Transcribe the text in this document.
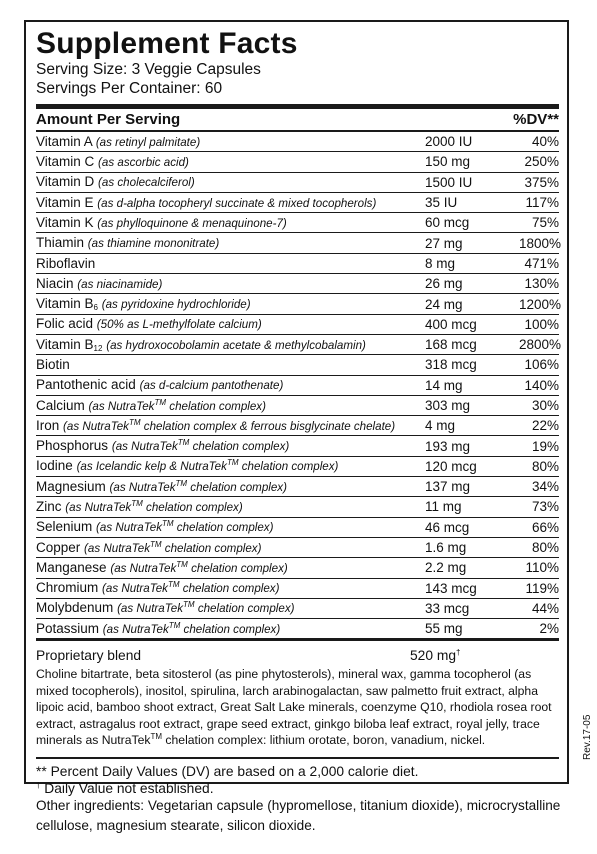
Supplement Facts
Serving Size: 3 Veggie Capsules
Servings Per Container: 60
Amount Per Serving	%DV**
Vitamin A (as retinyl palmitate)	2000 IU	40%
Vitamin C (as ascorbic acid)	150 mg	250%
Vitamin D (as cholecalciferol)	1500 IU	375%
Vitamin E (as d-alpha tocopheryl succinate & mixed tocopherols)	35 IU	117%
Vitamin K (as phylloquinone & menaquinone-7)	60 mcg	75%
Thiamin (as thiamine mononitrate)	27 mg	1800%
Riboflavin	8 mg	471%
Niacin (as niacinamide)	26 mg	130%
Vitamin $B_6$ (as pyridoxine hydrochloride)	24 mg	1200%
Folic acid (50% as L-methylfolate calcium)	400 mcg	100%
Vitamin $B_{12}$ (as hydroxocobolamin acetate & methylcobalamin)	168 mcg	2800%
Biotin	318 mcg	106%
Pantothenic acid (as d-calcium pantothenate)	14 mg	140%
Calcium (as NutraTek™ chelation complex)	303 mg	30%
Iron (as NutraTek™ chelation complex & ferrous bisglycinate chelate)	4 mg	22%
Phosphorus (as NutraTek™ chelation complex)	193 mg	19%
Iodine (as Icelandic kelp & NutraTek™ chelation complex)	120 mcg	80%
Magnesium (as NutraTek™ chelation complex)	137 mg	34%
Zinc (as NutraTek™ chelation complex)	11 mg	73%
Selenium (as NutraTek™ chelation complex)	46 mcg	66%
Copper (as NutraTek™ chelation complex)	1.6 mg	80%
Manganese (as NutraTek™ chelation complex)	2.2 mg	110%
Chromium (as NutraTek™ chelation complex)	143 mcg	119%
Molybdenum (as NutraTek™ chelation complex)	33 mcg	44%
Potassium (as NutraTek™ chelation complex)	55 mg	2%
Proprietary blend	520 mg†
Choline bitartrate, beta sitosterol (as pine phytosterols), mineral wax, gamma tocopherol (as mixed tocopherols), inositol, spirulina, larch arabinogalactan, saw palmetto fruit extract, alpha lipoic acid, bamboo shoot extract, Great Salt Lake minerals, coenzyme Q10, rhodiola rosea root extract, astragalus root extract, grape seed extract, ginkgo biloba leaf extract, royal jelly, trace minerals as NutraTek™ chelation complex: lithium orotate, boron, vanadium, nickel.
** Percent Daily Values (DV) are based on a 2,000 calorie diet.
† Daily Value not established.
Rev.17-05
Other ingredients: Vegetarian capsule (hypromellose, titanium dioxide), microcrystalline cellulose, magnesium stearate, silicon dioxide.
